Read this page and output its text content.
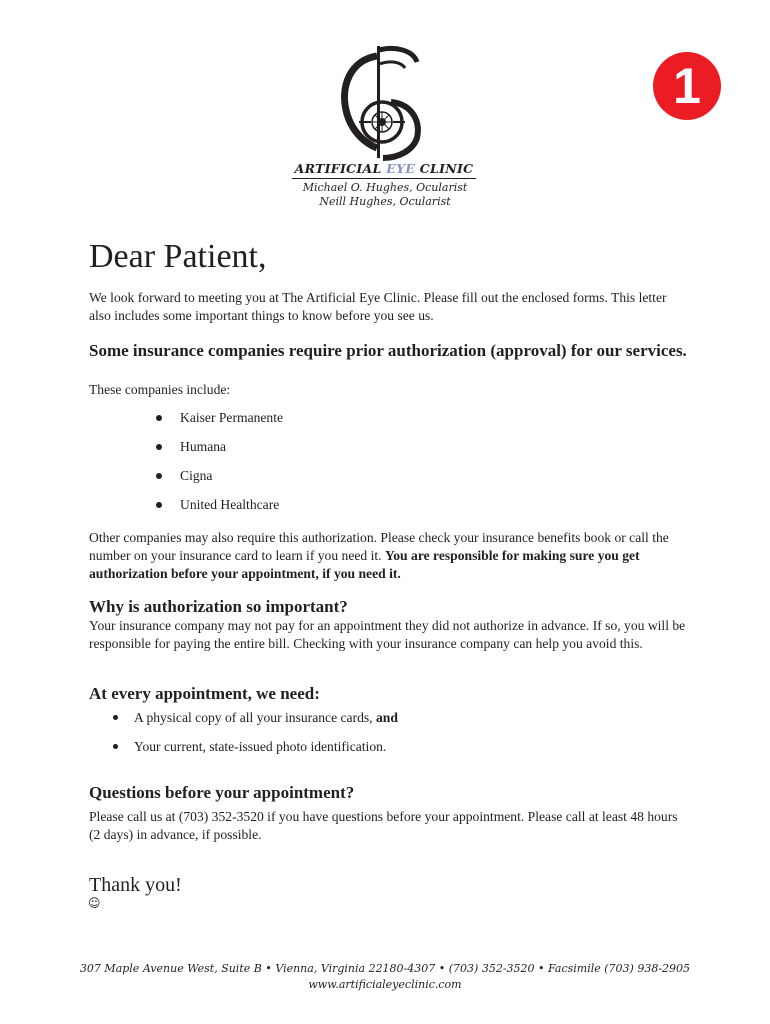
ARTIFICIAL EYE CLINIC
Michael O. Hughes, Ocularist
Neill Hughes, Ocularist
1
Dear Patient,

We look forward to meeting you at The Artificial Eye Clinic. Please fill out the enclosed forms. This letter also includes some important things to know before you see us.

Some insurance companies require prior authorization (approval) for our services.

These companies include:

Kaiser Permanente
Humana
Cigna
United Healthcare

Other companies may also require this authorization. Please check your insurance benefits book or call the number on your insurance card to learn if you need it. You are responsible for making sure you get authorization before your appointment, if you need it.

Why is authorization so important?

Your insurance company may not pay for an appointment they did not authorize in advance. If so, you will be responsible for paying the entire bill. Checking with your insurance company can help you avoid this.

At every appointment, we need:
A physical copy of all your insurance cards, and
Your current, state-issued photo identification.
Questions before your appointment?

Please call us at (703) 352-3520 if you have questions before your appointment. Please call at least 48 hours (2 days) in advance, if possible.

Thank you!
☺
307 Maple Avenue West, Suite B • Vienna, Virginia 22180-4307 • (703) 352-3520 • Facsimile (703) 938-2905
www.artificialeyeclinic.com
